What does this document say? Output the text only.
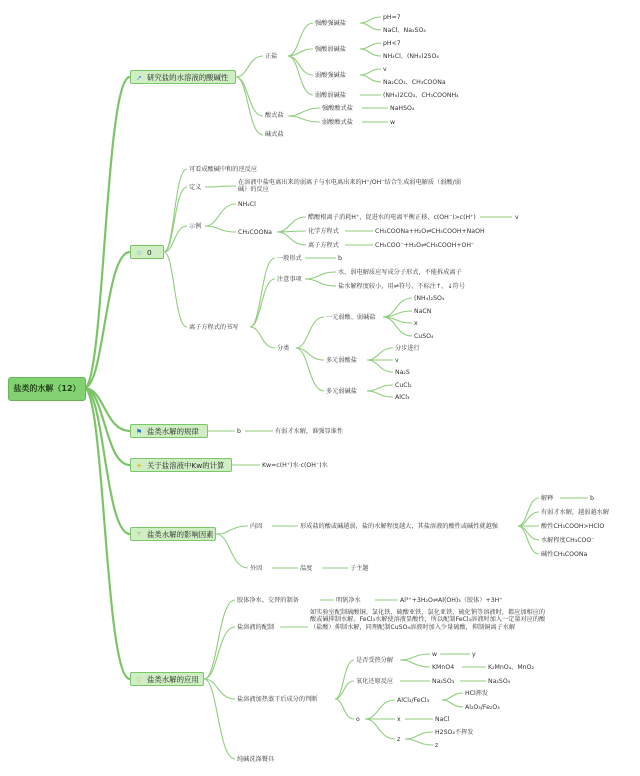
盐类的水解（12）
➚ 研究盐的水溶液的酸碱性
正盐
强酸强碱盐
pH=7
NaCl、Na₂SO₄
强酸弱碱盐
pH<7
NH₄Cl、(NH₄)2SO₄
弱酸强碱盐
v
Na₂CO₃、CH₃COONa
弱酸弱碱盐	(NH₄)2CO₃、CH₃COONH₄
酸式盐
强酸酸式盐	NaHSO₄
弱酸酸式盐	w
碱式盐
☆ 0
可看成酸碱中和的逆反应
定义
在溶液中盐电离出来的弱离子与水电离出来的H⁺/OH⁻结合生成弱电解质（弱酸/弱碱）的反应
示例
NH₄Cl
CH₃COONa
醋酸根离子消耗H⁺，促进水的电离平衡正移，c(OH⁻)>c(H⁺)	v
化学方程式	CH₃COONa+H₂O⇌CH₃COOH+NaOH
离子方程式	CH₃COO⁻+H₂O⇌CH₃COOH+OH⁻
离子方程式的书写
一般形式	b
注意事项
水、弱电解质应写成分子形式，不能拆成离子
盐水解程度较小，用⇌符号、不标注↑、↓符号
分类
一元弱酸、弱碱盐
(NH₄)₂SO₄
NaCN
x
CuSO₄
多元弱酸盐
分步进行
v
Na₂S
多元弱碱盐
CuCl₂
AlCl₃
⚑ 盐类水解的规律	b	有弱才水解，谁强显谁性
☀ 关于盐溶液中Kw的计算	Kw=c(H⁺)水·c(OH⁻)水
⚚ 盐类水解的影响因素
内因	形成盐的酸或碱越弱，盐的水解程度越大，其盐溶液的酸性或碱性就越强
解释	b
有弱才水解，越弱越水解
酸性CH₃COOH>HClO
水解程度CH₃COO⁻
碱性CH₃COONa
外因	温度	子主题
♡ 盐类水解的应用
胶体净水、交替的制备	明矾净水	Al³⁺+3H₂O⇌Al(OH)₃（胶体）+3H⁺
盐溶液的配制
如实验室配制硫酸铜、氯化铁、硫酸亚铁、氯化亚铁、硫化钠等溶液时，都应加相应的酸或碱抑制水解。FeCl₃水解使溶液显酸性，所以配制FeCl₃溶液时加入一定量对应的酸（盐酸）抑制水解，同理配制CuSO₄溶液时加入少量硫酸，抑制铜离子水解
盐溶液加热蒸干后成分的判断
是否受热分解
w	y
KMnO4	K₂MnO₄、MnO₂
氧化还原反应	Na₂SO₃	Na₂SO₄
o
AlCl₃/FeCl₃
HCl挥发
Al₂O₃/Fe₂O₃
x	NaCl
z
H2SO₄不挥发
z
纯碱洗涤餐具
